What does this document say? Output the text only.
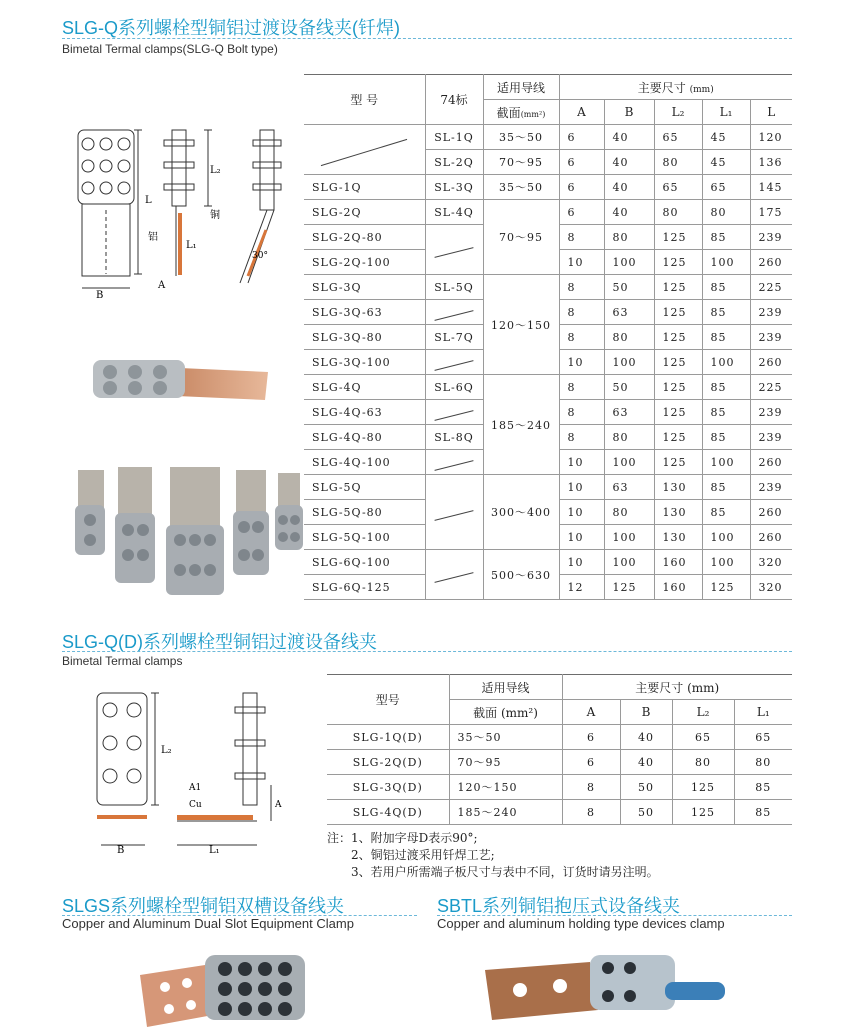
SLG-Q系列螺栓型铜铝过渡设备线夹(钎焊)
Bimetal Termal clamps(SLG-Q Bolt type)
L
B
铝
铜
L₂
L₁
A
30°
型 号	74标	适用导线	主要尺寸 (mm)				
		截面(mm²)	A	B	L₂	L₁	L
	SL-1Q	35～50	6	40	65	45	120
	SL-2Q	70～95	6	40	80	45	136
SLG-1Q	SL-3Q	35～50	6	40	65	65	145
SLG-2Q	SL-4Q	70～95	6	40	80	80	175
SLG-2Q-80			8	80	125	85	239
SLG-2Q-100			10	100	125	100	260
SLG-3Q	SL-5Q	120～150	8	50	125	85	225
SLG-3Q-63			8	63	125	85	239
SLG-3Q-80	SL-7Q		8	80	125	85	239
SLG-3Q-100			10	100	125	100	260
SLG-4Q	SL-6Q	185～240	8	50	125	85	225
SLG-4Q-63			8	63	125	85	239
SLG-4Q-80	SL-8Q		8	80	125	85	239
SLG-4Q-100			10	100	125	100	260
SLG-5Q		300～400	10	63	130	85	239
SLG-5Q-80			10	80	130	85	260
SLG-5Q-100			10	100	130	100	260
SLG-6Q-100		500～630	10	100	160	100	320
SLG-6Q-125			12	125	160	125	320
SLG-Q(D)系列螺栓型铜铝过渡设备线夹
Bimetal Termal clamps
L₂
B	L₁
A1
Cu	A
型号	适用导线	主要尺寸 (mm)			
	截面 (mm²)	A	B	L₂	L₁
SLG-1Q(D)	35～50	6	40	65	65
SLG-2Q(D)	70～95	6	40	80	80
SLG-3Q(D)	120～150	8	50	125	85
SLG-4Q(D)	185～240	8	50	125	85
注：1、附加字母D表示90°;
2、铜铝过渡采用钎焊工艺;
3、若用户所需端子板尺寸与表中不同，订货时请另注明。
SLGS系列螺栓型铜铝双槽设备线夹
Copper and Aluminum Dual Slot Equipment Clamp
SBTL系列铜铝抱压式设备线夹
Copper and aluminum holding type devices clamp
